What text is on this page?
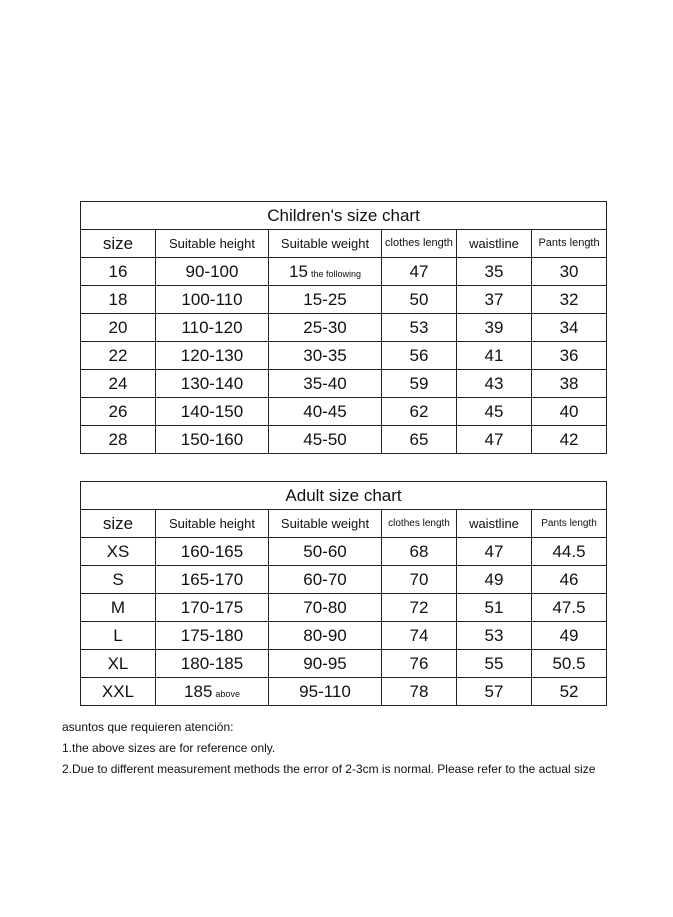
Children's size chart					
size	Suitable height	Suitable weight	clothes length	waistline	Pants length
16	90-100	15 the following	47	35	30
18	100-110	15-25	50	37	32
20	110-120	25-30	53	39	34
22	120-130	30-35	56	41	36
24	130-140	35-40	59	43	38
26	140-150	40-45	62	45	40
28	150-160	45-50	65	47	42
Adult size chart					
size	Suitable height	Suitable weight	clothes length	waistline	Pants length
XS	160-165	50-60	68	47	44.5
S	165-170	60-70	70	49	46
M	170-175	70-80	72	51	47.5
L	175-180	80-90	74	53	49
XL	180-185	90-95	76	55	50.5
XXL	185 above	95-110	78	57	52
asuntos que requieren atención:
1.the above sizes are for reference only.
2.Due to different measurement methods the error of 2-3cm is normal. Please refer to the actual size
